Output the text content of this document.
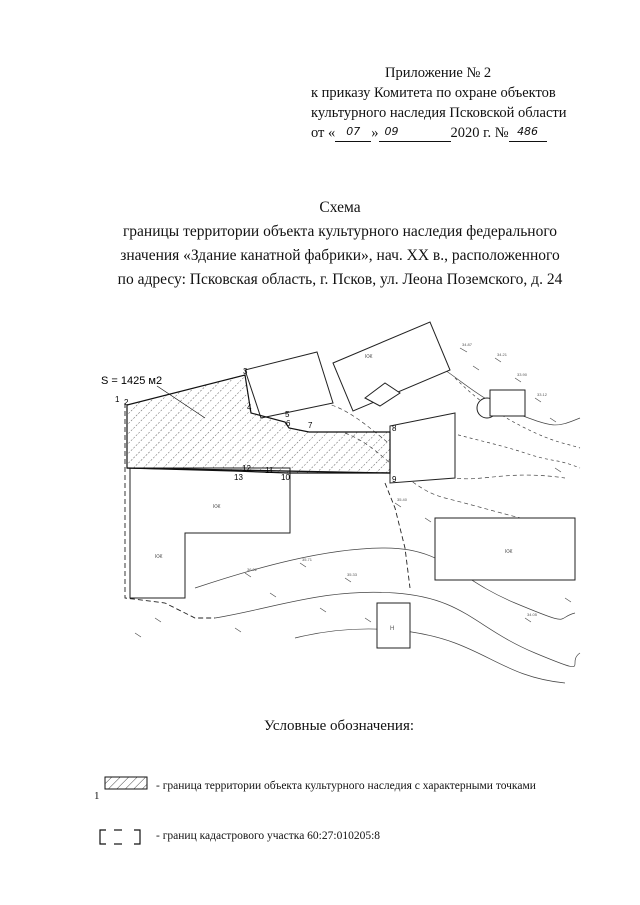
Приложение № 2
к приказу Комитета по охране объектов
культурного наследия Псковской области
от « 07 » 09	2020 г. № 486
Схема
границы территории объекта культурного наследия федерального
значения «Здание канатной фабрики», нач. XX в., расположенного
по адресу: Псковская область, г. Псков, ул. Леона Поземского, д. 24
34.87
34.21
33.90
33.12
35.40
36.02
35.71
35.33
34.05
КЖ
КЖ
КЖ
КЖ
Н
S = 1425 м2
1 2
3
4
5
6 7	8
9
10
11
12
13
Условные обозначения:
1
- граница территории объекта культурного наследия с характерными точками
- границ кадастрового участка 60:27:010205:8
